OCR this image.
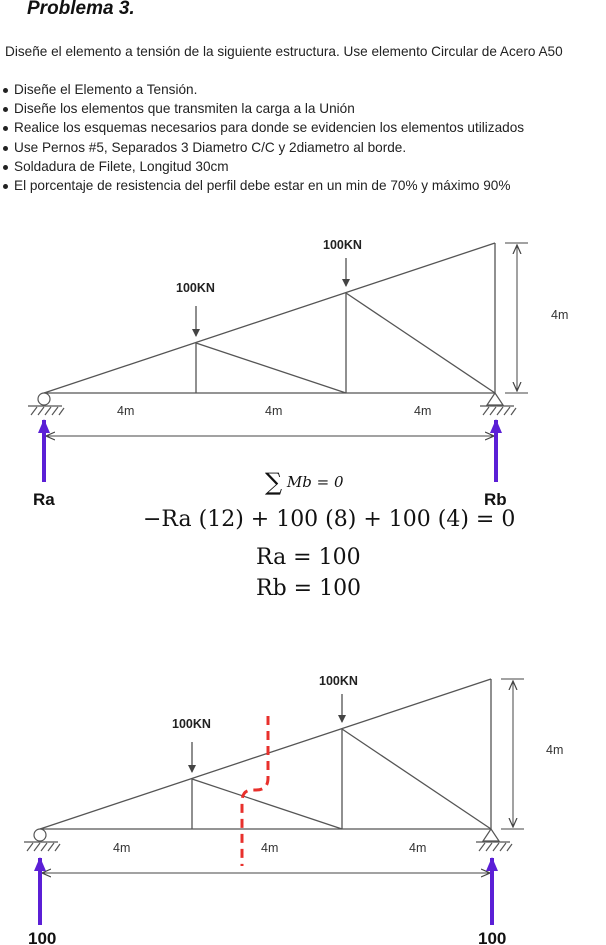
Problema 3.
Diseñe el elemento a tensión de la siguiente estructura. Use elemento Circular de Acero A50
Diseñe el Elemento a Tensión.
Diseñe los elementos que transmiten la carga a la Unión
Realice los esquemas necesarios para donde se evidencien los elementos utilizados
Use Pernos #5, Separados 3 Diametro C/C y 2diametro al borde.
Soldadura de Filete, Longitud 30cm
El porcentaje de resistencia del perfil debe estar en un min de 70% y máximo 90%
100KN
100KN
4m	4m	4m
4m
Ra	Rb
100KN
100KN
4m	4m	4m
4m
100	100
∑ Mb = 0
−Ra (12) + 100 (8) + 100 (4) = 0
Ra = 100
Rb = 100
